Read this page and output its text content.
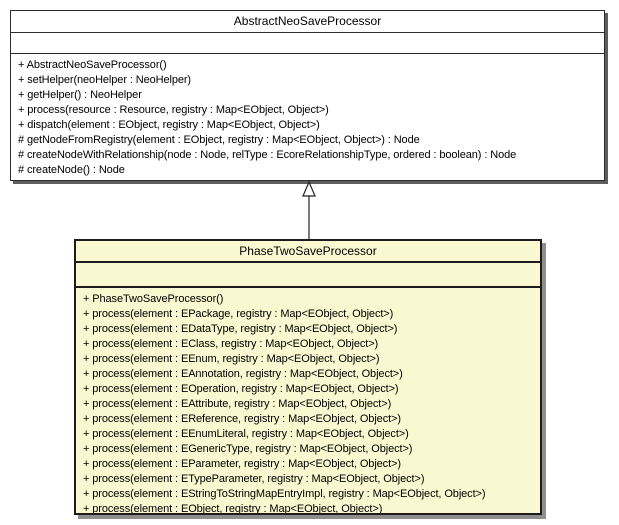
AbstractNeoSaveProcessor
+ AbstractNeoSaveProcessor()
+ setHelper(neoHelper : NeoHelper)
+ getHelper() : NeoHelper
+ process(resource : Resource, registry : Map<EObject, Object>)
+ dispatch(element : EObject, registry : Map<EObject, Object>)
# getNodeFromRegistry(element : EObject, registry : Map<EObject, Object>) : Node
# createNodeWithRelationship(node : Node, relType : EcoreRelationshipType, ordered : boolean) : Node
# createNode() : Node
PhaseTwoSaveProcessor
+ PhaseTwoSaveProcessor()
+ process(element : EPackage, registry : Map<EObject, Object>)
+ process(element : EDataType, registry : Map<EObject, Object>)
+ process(element : EClass, registry : Map<EObject, Object>)
+ process(element : EEnum, registry : Map<EObject, Object>)
+ process(element : EAnnotation, registry : Map<EObject, Object>)
+ process(element : EOperation, registry : Map<EObject, Object>)
+ process(element : EAttribute, registry : Map<EObject, Object>)
+ process(element : EReference, registry : Map<EObject, Object>)
+ process(element : EEnumLiteral, registry : Map<EObject, Object>)
+ process(element : EGenericType, registry : Map<EObject, Object>)
+ process(element : EParameter, registry : Map<EObject, Object>)
+ process(element : ETypeParameter, registry : Map<EObject, Object>)
+ process(element : EStringToStringMapEntryImpl, registry : Map<EObject, Object>)
+ process(element : EObject, registry : Map<EObject, Object>)
